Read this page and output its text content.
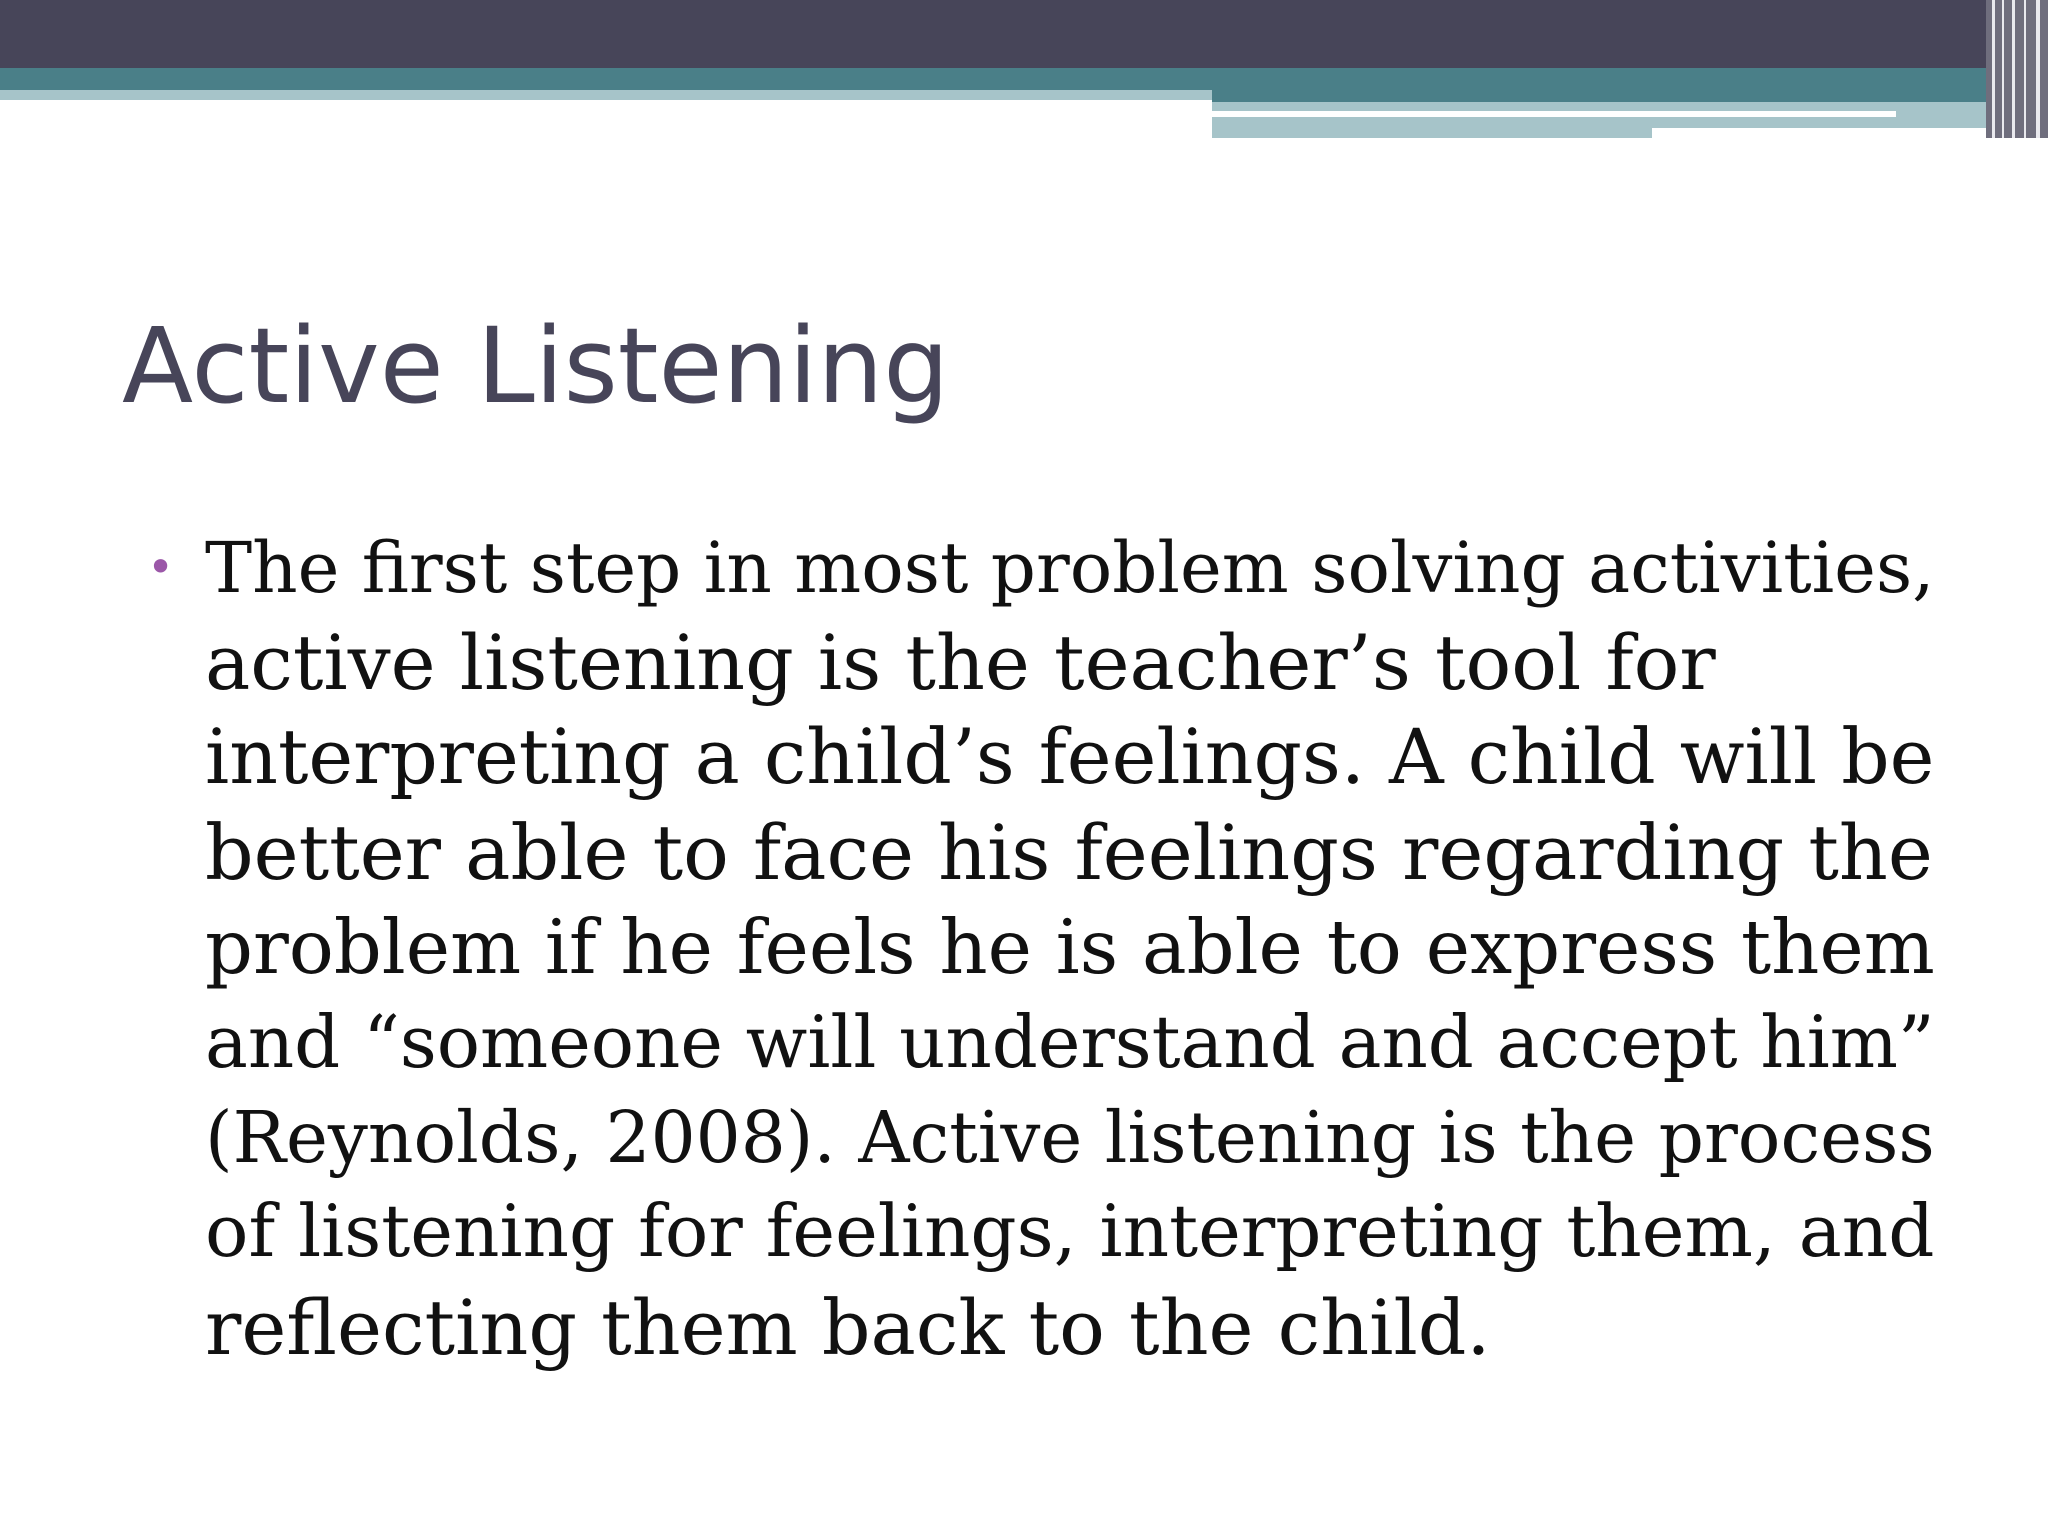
Active Listening
• The first step in most problem solving activities,
active listening is the teacher’s tool for
interpreting a child’s feelings. A child will be
better able to face his feelings regarding the
problem if he feels he is able to express them
and “someone will understand and accept him”
(Reynolds, 2008). Active listening is the process
of listening for feelings, interpreting them, and
reflecting them back to the child.
